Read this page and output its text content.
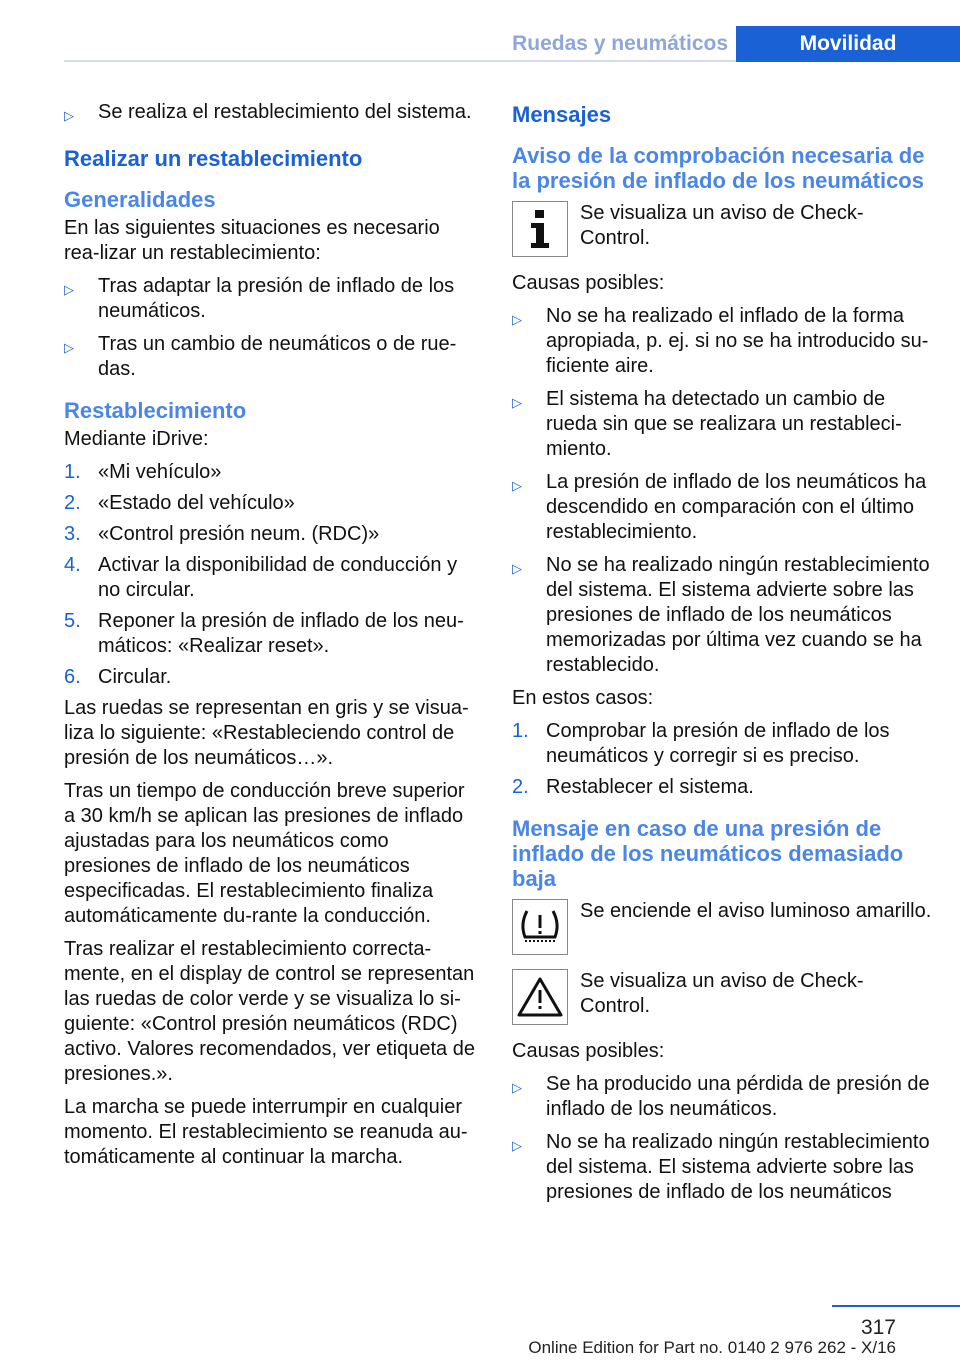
Ruedas y neumáticos	Movilidad
▷	Se realiza el restablecimiento del sistema.
Realizar un restablecimiento
Generalidades

En las siguientes situaciones es necesario rea‐lizar un restablecimiento:

▷	Tras adaptar la presión de inflado de los neumáticos.
▷	Tras un cambio de neumáticos o de rue‐das.
Restablecimiento

Mediante iDrive:

1. «Mi vehículo»
2. «Estado del vehículo»
3. «Control presión neum. (RDC)»
4. Activar la disponibilidad de conducción y no circular.
5. Reponer la presión de inflado de los neu‐máticos: «Realizar reset».
6. Circular.

Las ruedas se representan en gris y se visua‐liza lo siguiente: «Restableciendo control de presión de los neumáticos…».

Tras un tiempo de conducción breve superior a 30 km/h se aplican las presiones de inflado ajustadas para los neumáticos como presiones de inflado de los neumáticos especificadas. El restablecimiento finaliza automáticamente du‐rante la conducción.

Tras realizar el restablecimiento correcta‐mente, en el display de control se representan las ruedas de color verde y se visualiza lo si‐guiente: «Control presión neumáticos (RDC) activo. Valores recomendados, ver etiqueta de presiones.».

La marcha se puede interrumpir en cualquier momento. El restablecimiento se reanuda au‐tomáticamente al continuar la marcha.

Mensajes
Aviso de la comprobación necesaria de la presión de inflado de los neumáticos
Se visualiza un aviso de Check-Control.

Causas posibles:

▷	No se ha realizado el inflado de la forma apropiada, p. ej. si no se ha introducido su‐ficiente aire.
▷	El sistema ha detectado un cambio de rueda sin que se realizara un restableci‐miento.
▷	La presión de inflado de los neumáticos ha descendido en comparación con el último restablecimiento.
▷	No se ha realizado ningún restablecimiento del sistema. El sistema advierte sobre las presiones de inflado de los neumáticos memorizadas por última vez cuando se ha restablecido.

En estos casos:

1. Comprobar la presión de inflado de los neumáticos y corregir si es preciso.
2. Restablecer el sistema.
Mensaje en caso de una presión de inflado de los neumáticos demasiado baja
Se enciende el aviso luminoso amarillo.
Se visualiza un aviso de Check-Control.

Causas posibles:

▷	Se ha producido una pérdida de presión de inflado de los neumáticos.
▷	No se ha realizado ningún restablecimiento del sistema. El sistema advierte sobre las presiones de inflado de los neumáticos
317
Online Edition for Part no. 0140 2 976 262 - X/16
